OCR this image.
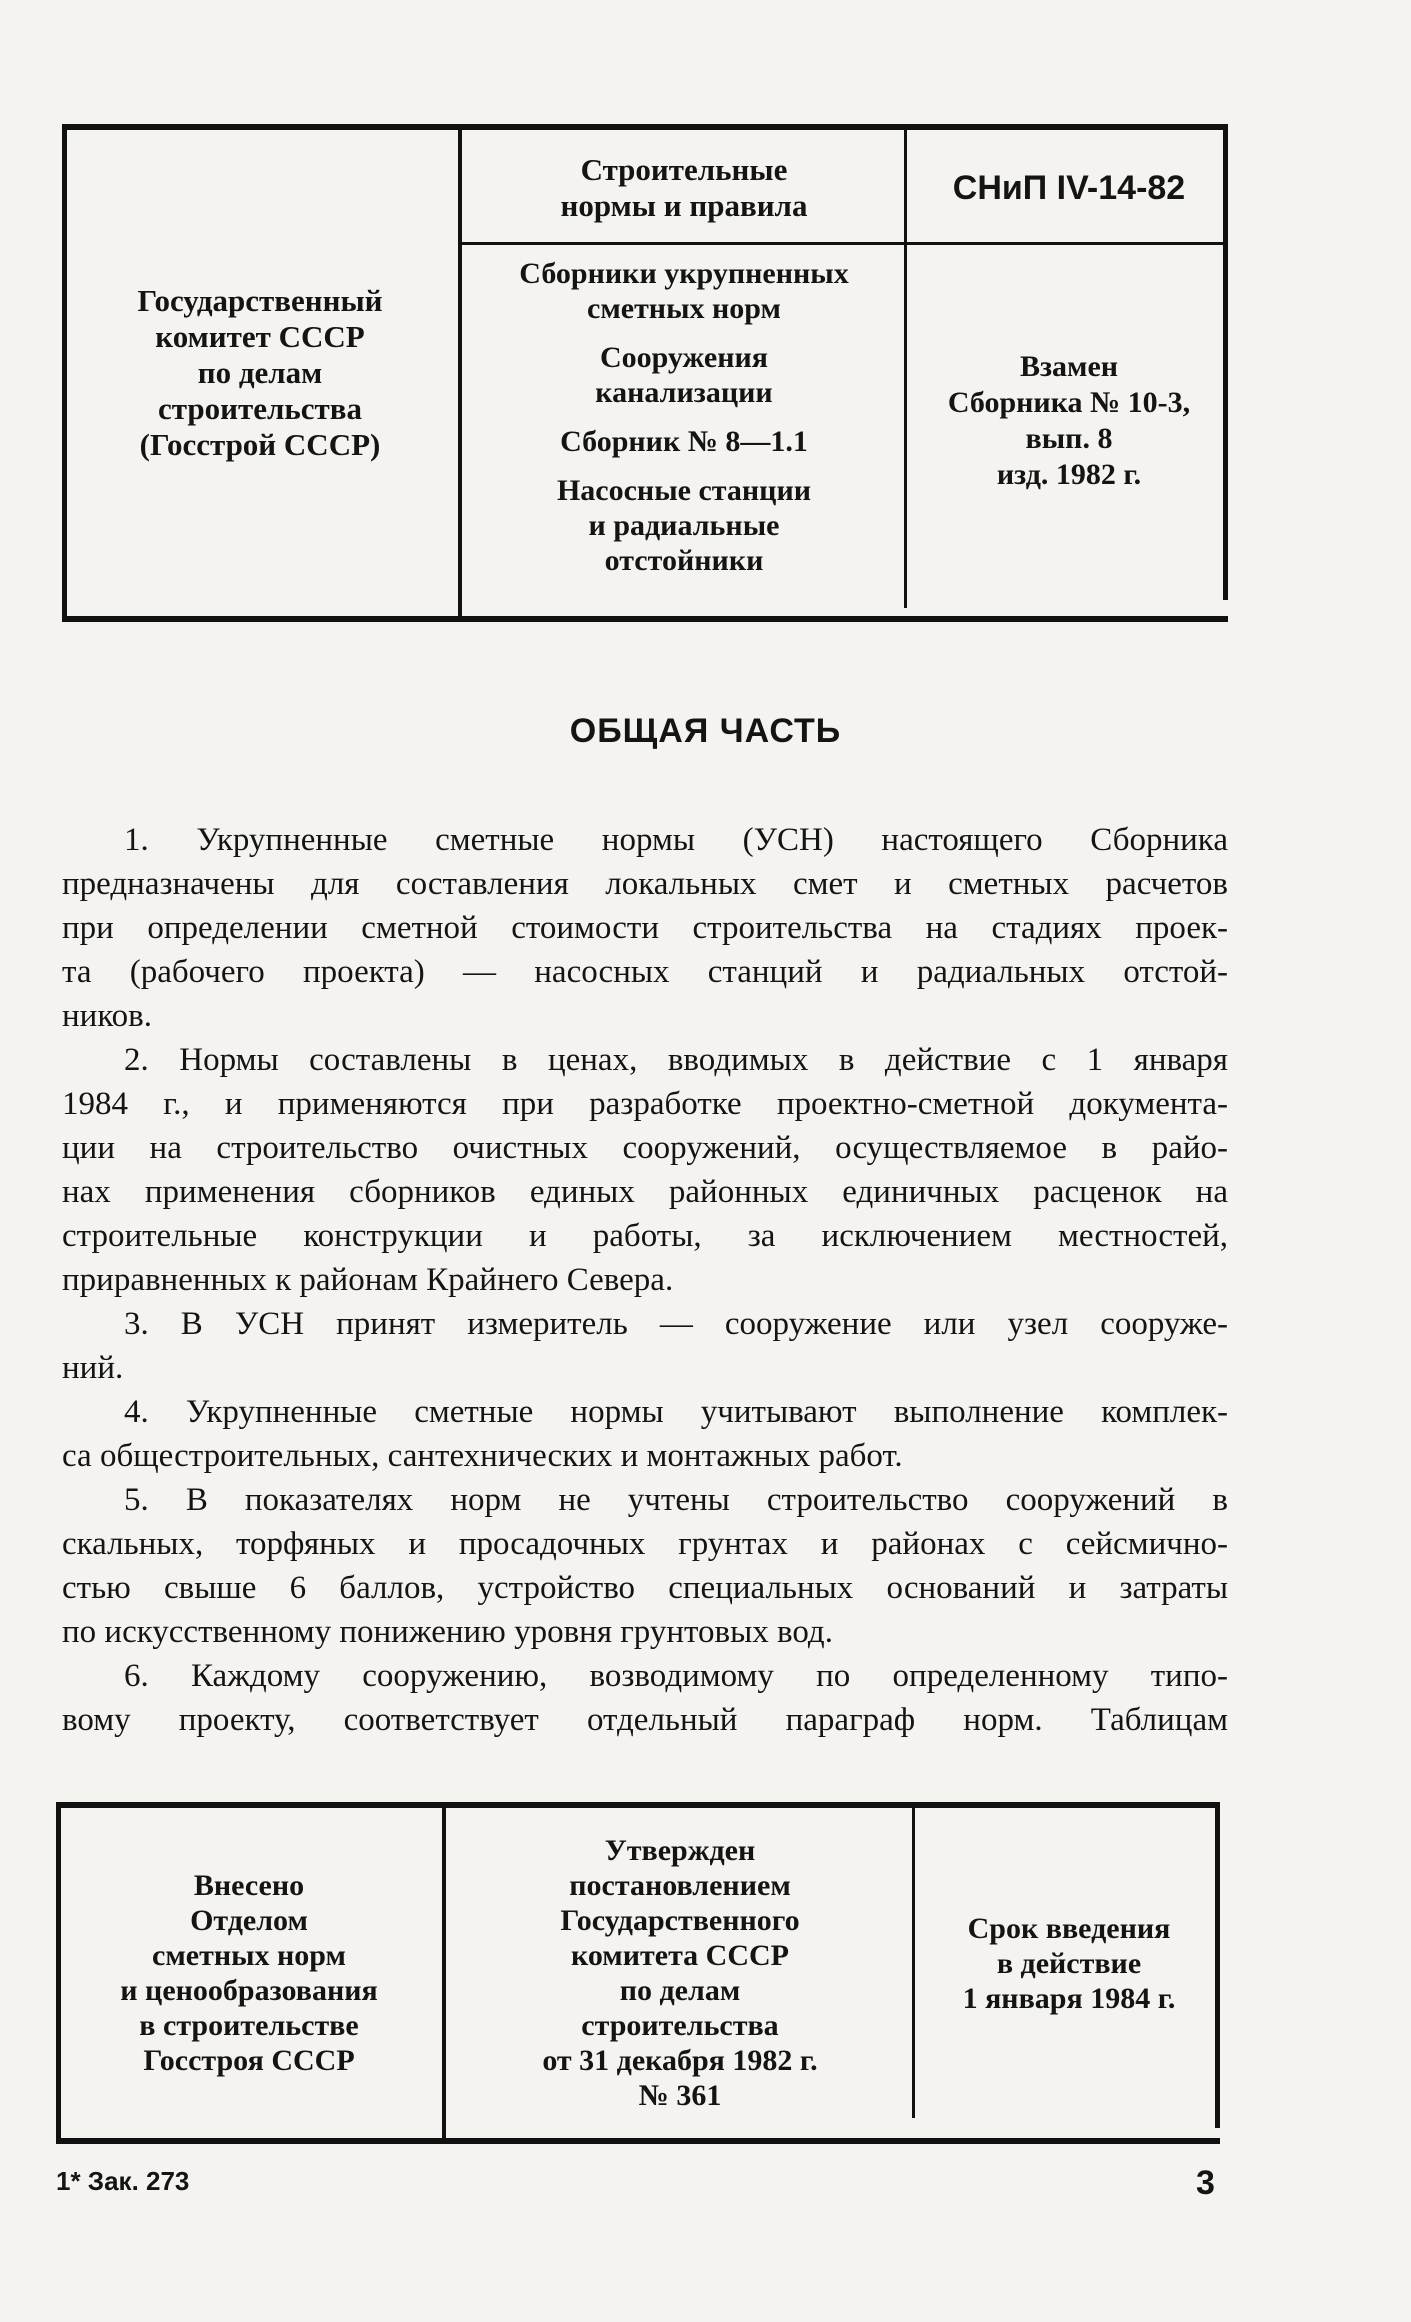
Государственный
комитет СССР
по делам
строительства
(Госстрой СССР)
Строительные
нормы и правила	СНиП IV-14-82
Сборники укрупненных
сметных норм
Сооружения
канализации
Сборник № 8—1.1
Насосные станции
и радиальные
отстойники
Взамен
Сборника № 10-3,
вып. 8
изд. 1982 г.
ОБЩАЯ ЧАСТЬ
1. Укрупненные сметные нормы (УСН) настоящего Сборника
предназначены для составления локальных смет и сметных расчетов
при определении сметной стоимости строительства на стадиях проек-
та (рабочего проекта) — насосных станций и радиальных отстой-
ников.
2. Нормы составлены в ценах, вводимых в действие с 1 января
1984 г., и применяются при разработке проектно-сметной документа-
ции на строительство очистных сооружений, осуществляемое в райо-
нах применения сборников единых районных единичных расценок на
строительные конструкции и работы, за исключением местностей,
приравненных к районам Крайнего Севера.
3. В УСН принят измеритель — сооружение или узел сооруже-
ний.
4. Укрупненные сметные нормы учитывают выполнение комплек-
са общестроительных, сантехнических и монтажных работ.
5. В показателях норм не учтены строительство сооружений в
скальных, торфяных и просадочных грунтах и районах с сейсмично-
стью свыше 6 баллов, устройство специальных оснований и затраты
по искусственному понижению уровня грунтовых вод.
6. Каждому сооружению, возводимому по определенному типо-
вому проекту, соответствует отдельный параграф норм. Таблицам
Внесено
Отделом
сметных норм
и ценообразования
в строительстве
Госстроя СССР
Утвержден
постановлением
Государственного
комитета СССР
по делам
строительства
от 31 декабря 1982 г.
№ 361
Срок введения
в действие
1 января 1984 г.
1* Зак. 273	3
